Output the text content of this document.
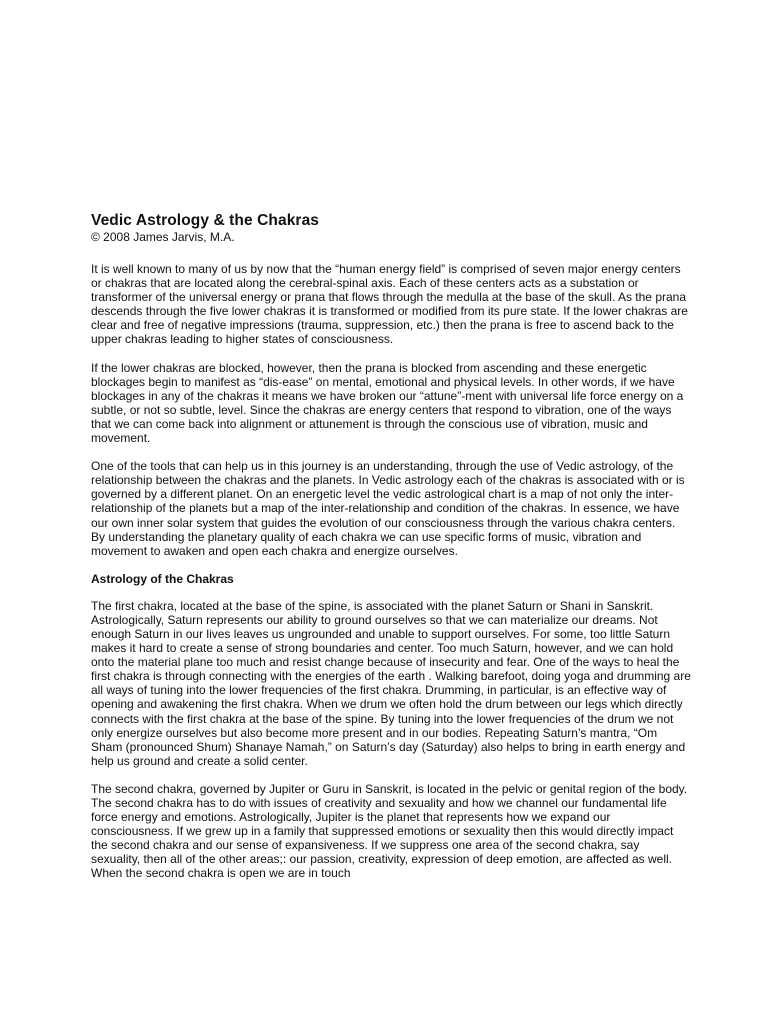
Vedic Astrology & the Chakras

© 2008 James Jarvis, M.A.

It is well known to many of us by now that the “human energy field” is comprised of seven major energy centers or chakras that are located along the cerebral-spinal axis. Each of these centers acts as a substation or transformer of the universal energy or prana that flows through the medulla at the base of the skull. As the prana descends through the five lower chakras it is transformed or modified from its pure state. If the lower chakras are clear and free of negative impressions (trauma, suppression, etc.) then the prana is free to ascend back to the upper chakras leading to higher states of consciousness.

If the lower chakras are blocked, however, then the prana is blocked from ascending and these energetic blockages begin to manifest as “dis-ease” on mental, emotional and physical levels. In other words, if we have blockages in any of the chakras it means we have broken our “attune”-ment with universal life force energy on a subtle, or not so subtle, level. Since the chakras are energy centers that respond to vibration, one of the ways that we can come back into alignment or attunement is through the conscious use of vibration, music and movement.

One of the tools that can help us in this journey is an understanding, through the use of Vedic astrology, of the relationship between the chakras and the planets. In Vedic astrology each of the chakras is associated with or is governed by a different planet. On an energetic level the vedic astrological chart is a map of not only the inter-relationship of the planets but a map of the inter-relationship and condition of the chakras. In essence, we have our own inner solar system that guides the evolution of our consciousness through the various chakra centers. By understanding the planetary quality of each chakra we can use specific forms of music, vibration and movement to awaken and open each chakra and energize ourselves.

Astrology of the Chakras

The first chakra, located at the base of the spine, is associated with the planet Saturn or Shani in Sanskrit. Astrologically, Saturn represents our ability to ground ourselves so that we can materialize our dreams. Not enough Saturn in our lives leaves us ungrounded and unable to support ourselves. For some, too little Saturn makes it hard to create a sense of strong boundaries and center. Too much Saturn, however, and we can hold onto the material plane too much and resist change because of insecurity and fear. One of the ways to heal the first chakra is through connecting with the energies of the earth . Walking barefoot, doing yoga and drumming are all ways of tuning into the lower frequencies of the first chakra. Drumming, in particular, is an effective way of opening and awakening the first chakra. When we drum we often hold the drum between our legs which directly connects with the first chakra at the base of the spine. By tuning into the lower frequencies of the drum we not only energize ourselves but also become more present and in our bodies. Repeating Saturn’s mantra, “Om Sham (pronounced Shum) Shanaye Namah,” on Saturn’s day (Saturday) also helps to bring in earth energy and help us ground and create a solid center.

The second chakra, governed by Jupiter or Guru in Sanskrit, is located in the pelvic or genital region of the body. The second chakra has to do with issues of creativity and sexuality and how we channel our fundamental life force energy and emotions. Astrologically, Jupiter is the planet that represents how we expand our consciousness. If we grew up in a family that suppressed emotions or sexuality then this would directly impact the second chakra and our sense of expansiveness. If we suppress one area of the second chakra, say sexuality, then all of the other areas;: our passion, creativity, expression of deep emotion, are affected as well. When the second chakra is open we are in touch
